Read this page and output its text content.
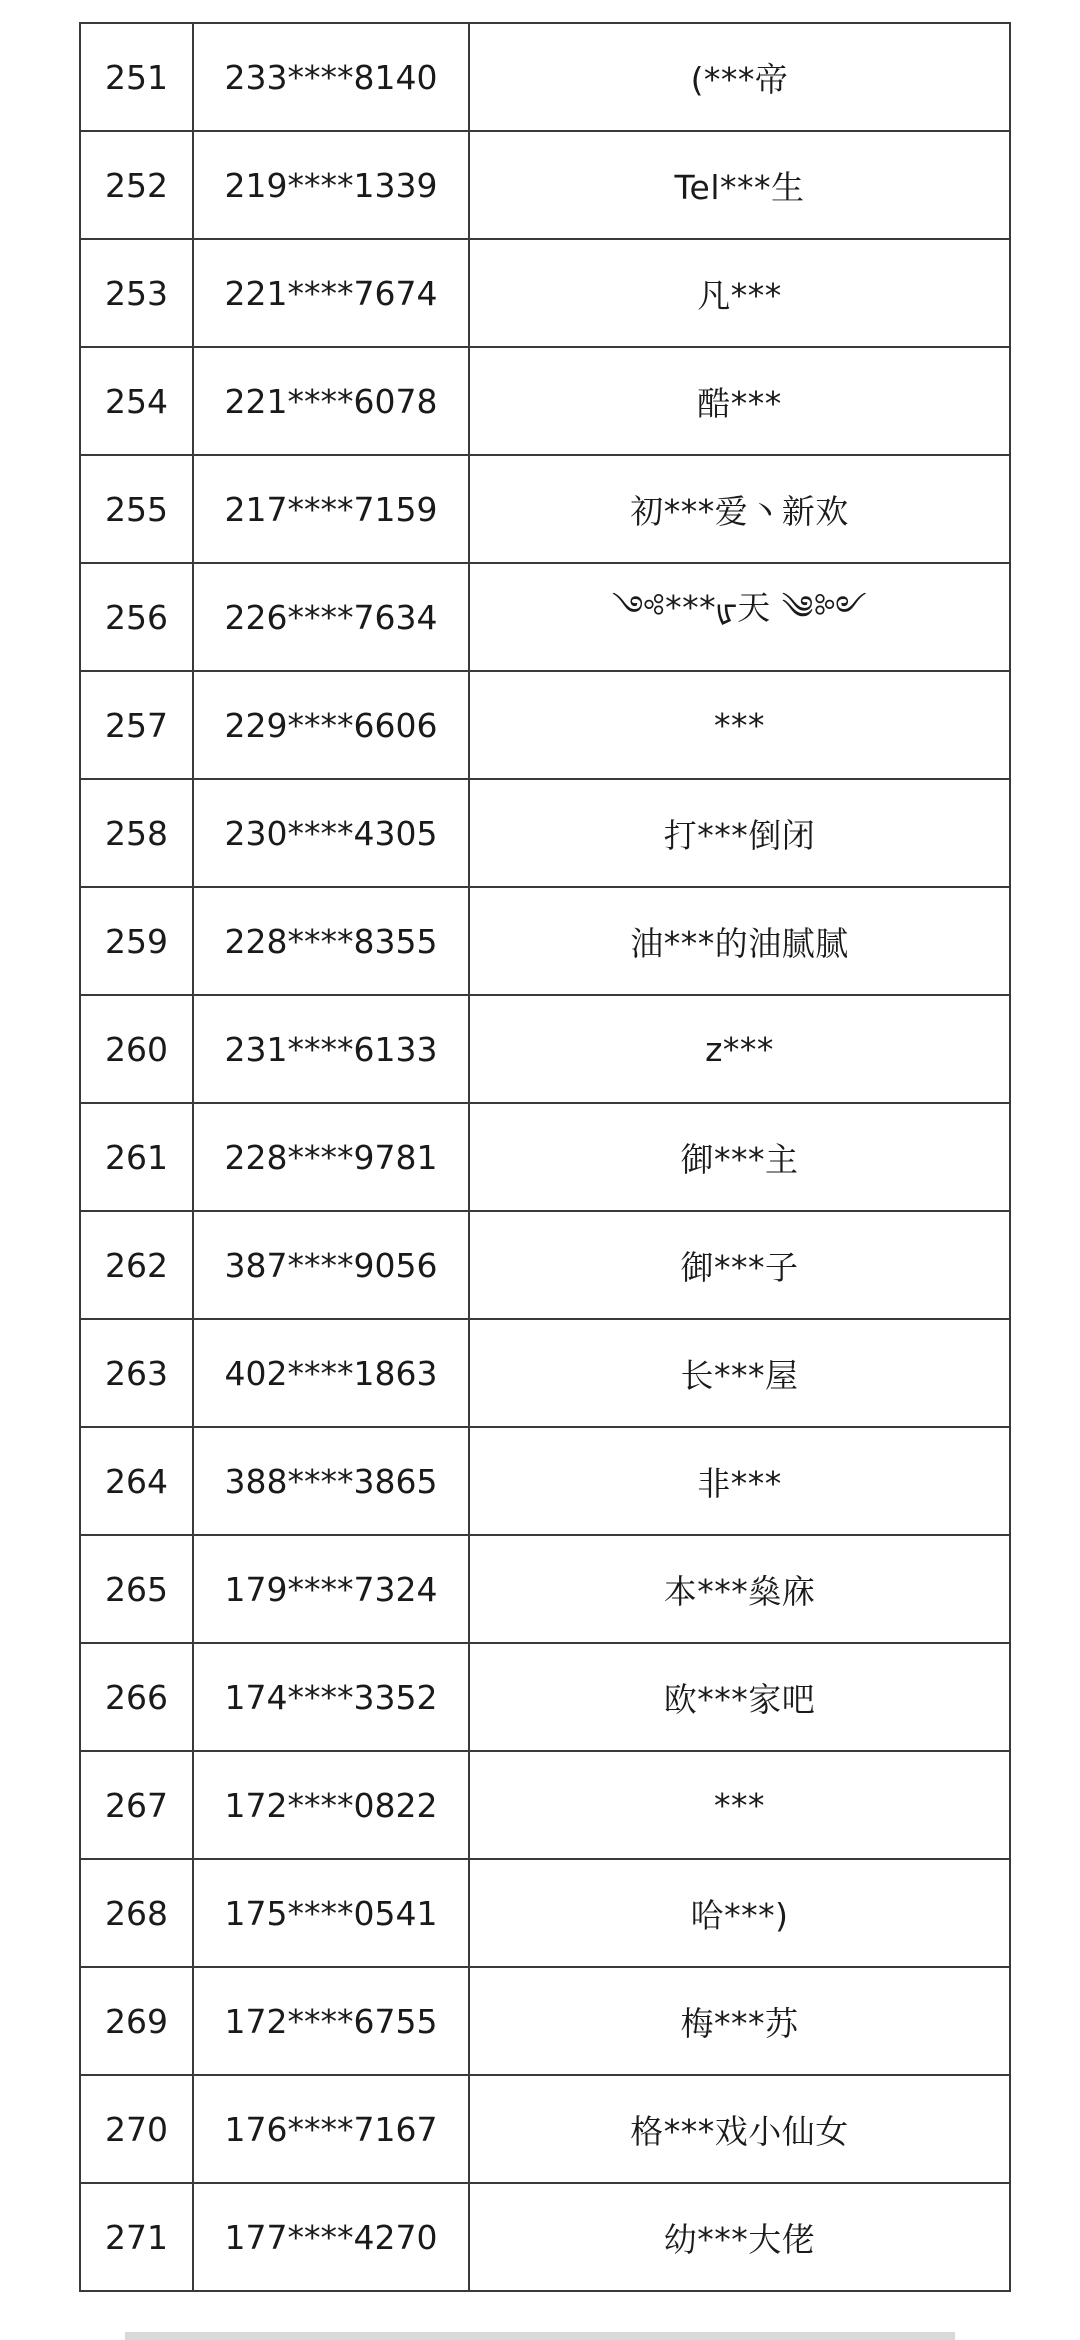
251	233****8140	(***帝
252	219****1339	Tel***生
253	221****7674	凡***
254	221****6078	酷***
255	217****7159	初***爱丶新欢
256	226****7634	༺***ᡁ天 ༄༻
257	229****6606	***
258	230****4305	打***倒闭
259	228****8355	油***的油腻腻
260	231****6133	z***
261	228****9781	御***主
262	387****9056	御***子
263	402****1863	长***屋
264	388****3865	非***
265	179****7324	本***燊庥
266	174****3352	欧***家吧
267	172****0822	***
268	175****0541	哈***)
269	172****6755	梅***苏
270	176****7167	格***戏小仙女
271	177****4270	幼***大佬
